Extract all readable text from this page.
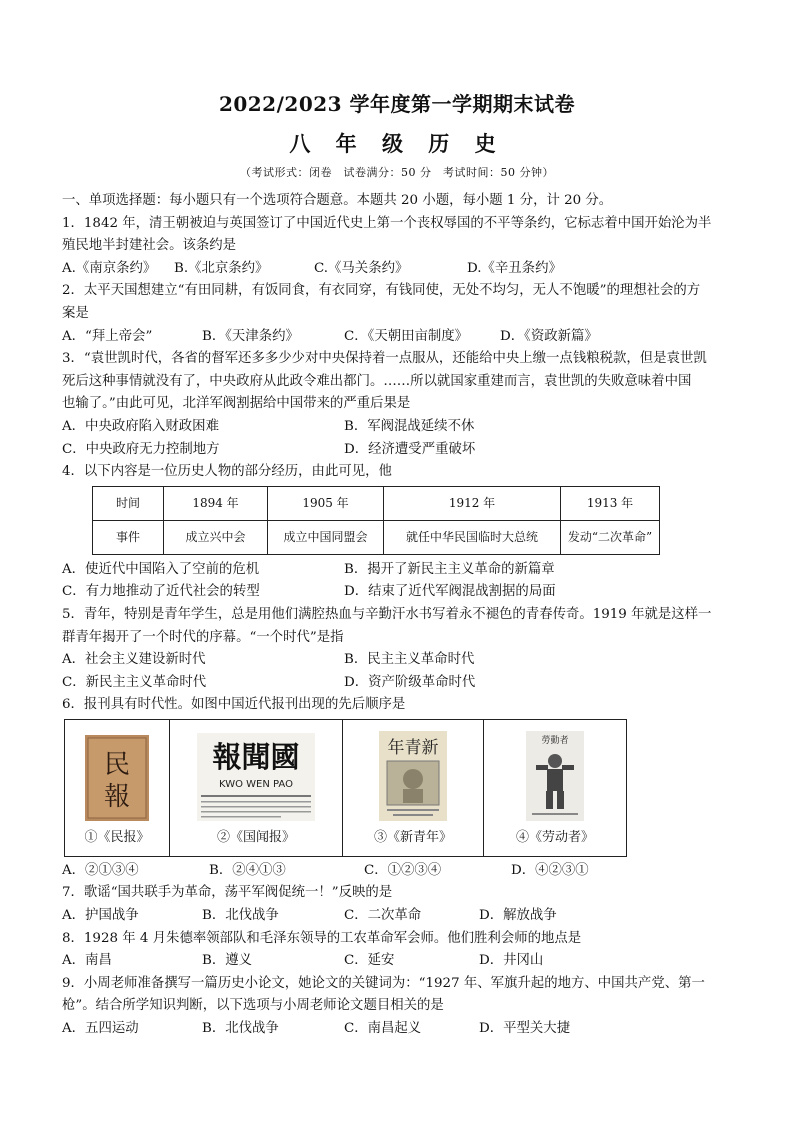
2022/2023 学年度第一学期期末试卷
八 年 级 历 史
（考试形式：闭卷　试卷满分：50 分　考试时间：50 分钟）
一、单项选择题：每小题只有一个选项符合题意。本题共 20 小题，每小题 1 分，计 20 分。
1．1842 年，清王朝被迫与英国签订了中国近代史上第一个丧权辱国的不平等条约，它标志着中国开始沦为半
殖民地半封建社会。该条约是
A.《南京条约》	B.《北京条约》	C.《马关条约》	D.《辛丑条约》
2．太平天国想建立“有田同耕，有饭同食，有衣同穿，有钱同使，无处不均匀，无人不饱暖”的理想社会的方
案是
A．“拜上帝会”	B．《天津条约》	C．《天朝田亩制度》	D．《资政新篇》
3．“袁世凯时代，各省的督军还多多少少对中央保持着一点服从，还能给中央上缴一点钱粮税款，但是袁世凯
死后这种事情就没有了，中央政府从此政令难出都门。……所以就国家重建而言，袁世凯的失败意味着中国
也输了。”由此可见，北洋军阀割据给中国带来的严重后果是
A．中央政府陷入财政困难	B．军阀混战延续不休
C．中央政府无力控制地方	D．经济遭受严重破坏
4．以下内容是一位历史人物的部分经历，由此可见，他
时间	1894 年	1905 年	1912 年	1913 年
事件	成立兴中会	成立中国同盟会	就任中华民国临时大总统	发动“二次革命”
A．使近代中国陷入了空前的危机	B．揭开了新民主主义革命的新篇章
C．有力地推动了近代社会的转型	D．结束了近代军阀混战割据的局面
5．青年，特别是青年学生，总是用他们满腔热血与辛勤汗水书写着永不褪色的青春传奇。1919 年就是这样一
群青年揭开了一个时代的序幕。“一个时代”是指
A．社会主义建设新时代	B．民主主义革命时代
C．新民主主义革命时代	D．资产阶级革命时代
6．报刊具有时代性。如图中国近代报刊出现的先后顺序是
民
報
①《民报》	
報聞國
KWO WEN PAO
②《国闻报》	
年青新
③《新青年》	
勞動者
④《劳动者》
A．②①③④	B．②④①③	C．①②③④	D．④②③①
7．歌谣“国共联手为革命，荡平军阀促统一！”反映的是
A．护国战争	B．北伐战争	C．二次革命	D．解放战争
8．1928 年 4 月朱德率领部队和毛泽东领导的工农革命军会师。他们胜利会师的地点是
A．南昌	B．遵义	C．延安	D．井冈山
9．小周老师准备撰写一篇历史小论文，她论文的关键词为：“1927 年、军旗升起的地方、中国共产党、第一
枪”。结合所学知识判断，以下选项与小周老师论文题目相关的是
A．五四运动	B．北伐战争	C．南昌起义	D．平型关大捷
